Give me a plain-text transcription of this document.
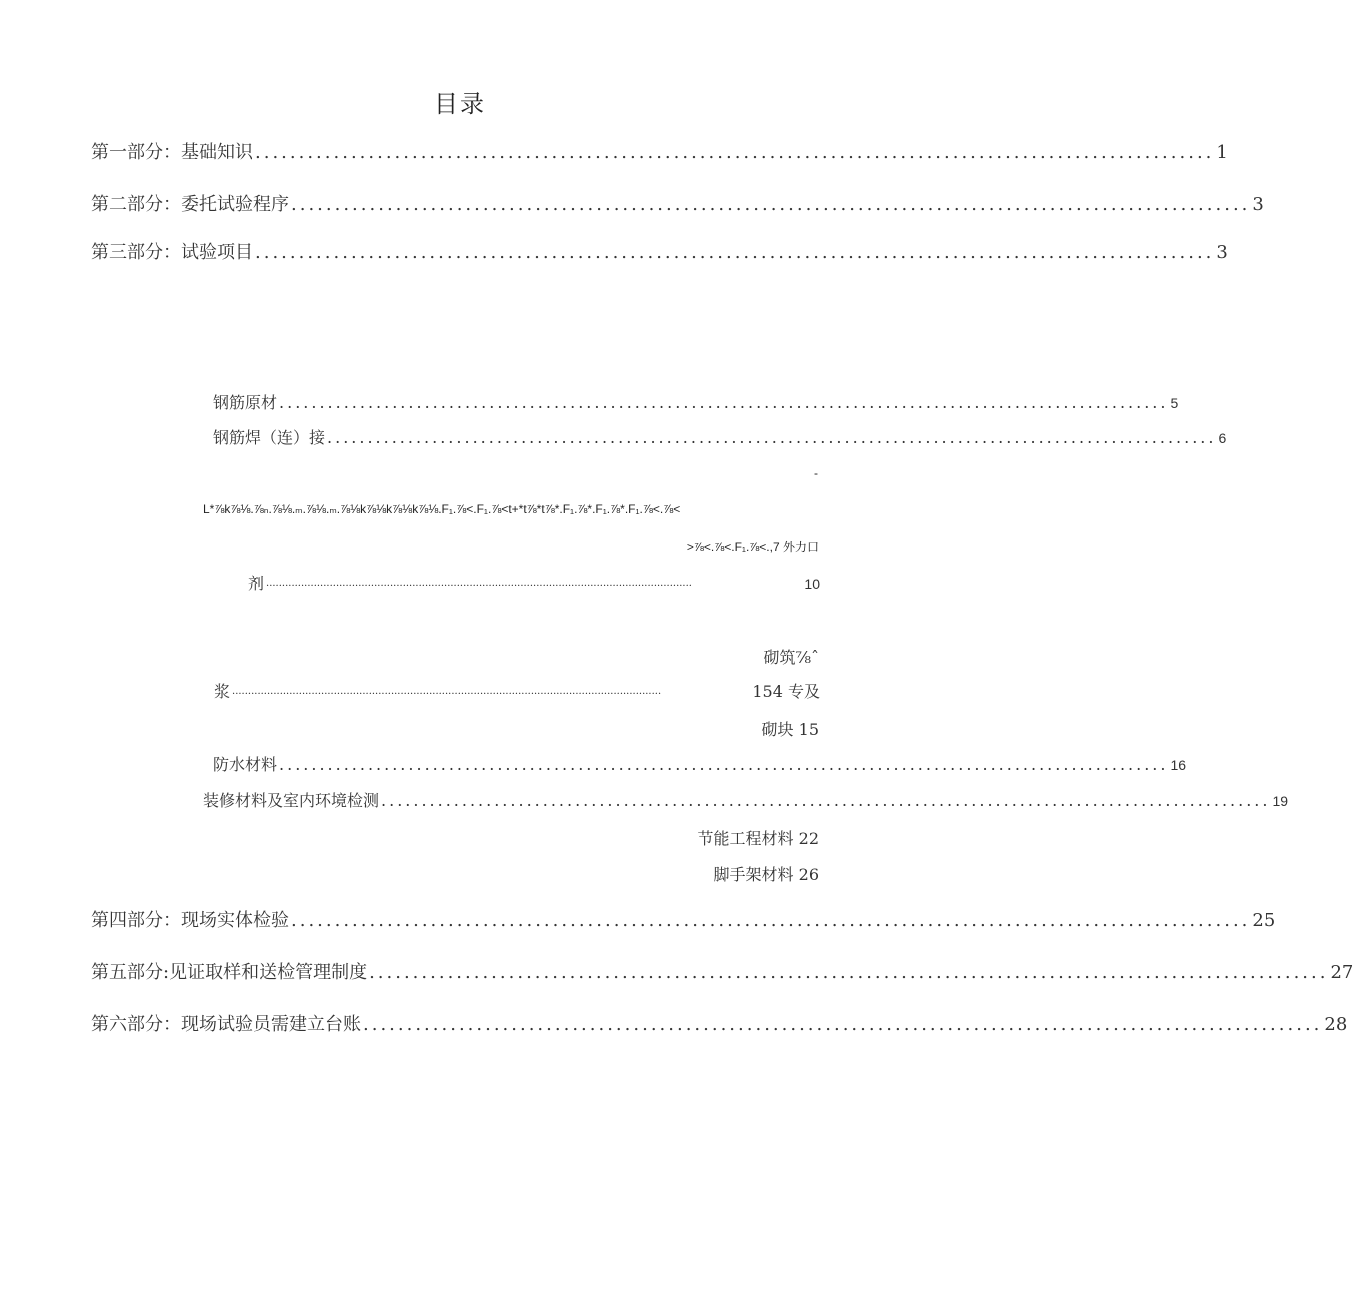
目录
第一部分：基础知识 .............................................................................................................. 1
第二部分：委托试验程序 .............................................................................................................. 3
第三部分：试验项目 .............................................................................................................. 3
钢筋原材 .............................................................................................................. 5
钢筋焊（连）接 .............................................................................................................. 6
-
L*⅞k⅞⅛.⅞ₙ.⅞⅛.ₘ.⅞⅛.ₘ.⅞⅛k⅞⅛k⅞⅛k⅞⅛.F₁.⅞<.F₁.⅞<t+*t⅞*t⅞*.F₁.⅞*.F₁.⅞*.F₁.⅞<.⅞<
>⅞<.⅞<.F₁.⅞<.,7 外力口
剂 ······································································································································	10
砌筑⅞ˆ
浆 ·······································································································································	154 专及
砌块 15
防水材料 .............................................................................................................. 16
装修材料及室内环境检测 .............................................................................................................. 19
节能工程材料 22
脚手架材料 26
第四部分：现场实体检验 .............................................................................................................. 25
第五部分:见证取样和送检管理制度 .............................................................................................................. 27
第六部分：现场试验员需建立台账 .............................................................................................................. 28
